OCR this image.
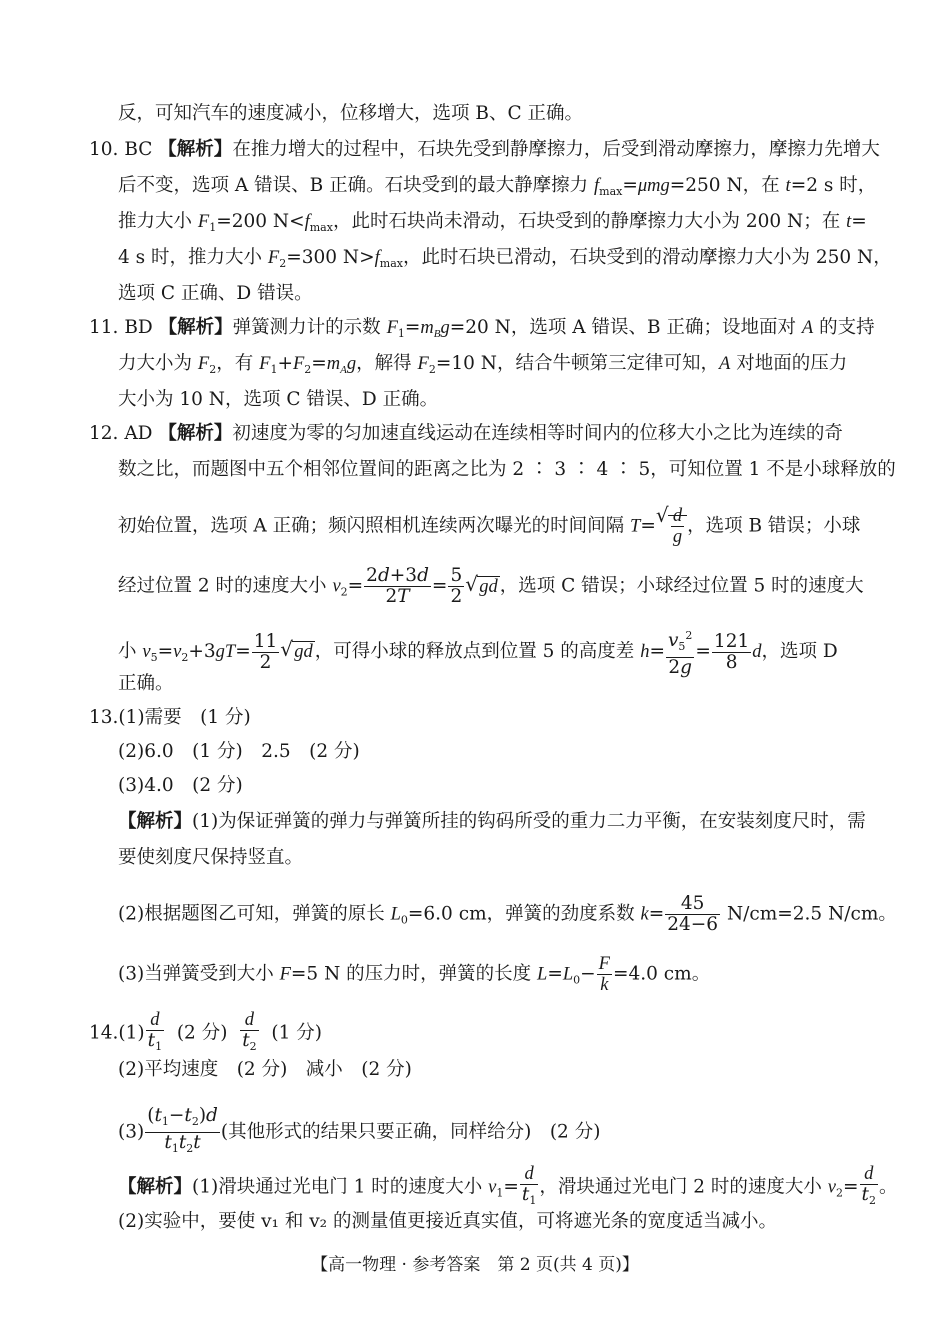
反，可知汽车的速度减小，位移增大，选项 B、C 正确。
10. BC 【解析】在推力增大的过程中，石块先受到静摩擦力，后受到滑动摩擦力，摩擦力先增大
后不变，选项 A 错误、B 正确。石块受到的最大静摩擦力 $f_{max}=\mu mg=250$ N，在 t=2 s 时，
推力大小 $F_1=200$ $N<f_{max}$，此时石块尚未滑动，石块受到的静摩擦力大小为 200 N；在 t=
4 s 时，推力大小 $F_2=300$ $N>f_{max}$，此时石块已滑动，石块受到的滑动摩擦力大小为 250 N，
选项 C 正确、D 错误。
11. BD 【解析】弹簧测力计的示数 $F_1=m_Bg=20$ N，选项 A 错误、B 正确；设地面对 A 的支持
力大小为 $F_2$，有 $F_1+F_2=m_Ag$，解得 $F_2=10$ N，结合牛顿第三定律可知，A 对地面的压力
大小为 10 N，选项 C 错误、D 正确。
12. AD 【解析】初速度为零的匀加速直线运动在连续相等时间内的位移大小之比为连续的奇
数之比，而题图中五个相邻位置间的距离之比为 2 ∶ 3 ∶ 4 ∶ 5，可知位置 1 不是小球释放的
初始位置，选项 A 正确；频闪照相机连续两次曝光的时间间隔 T= √ $\frac{d}{g}$ ，选项 B 错误；小球
经过位置 2 时的速度大小 $v_2= \frac{2d+3d}{2T} = \frac{5}{2}$ √ gd ，选项 C 错误；小球经过位置 5 时的速度大
小 $v_5=v_2+3gT= \frac{11}{2}$ √ gd ，可得小球的释放点到位置 5 的高度差 $h= \frac{v_5^2}{2g} = \frac{121}{8}$ d，选项 D
正确。
13.(1)需要　(1 分)
(2)6.0　(1 分)　2.5　(2 分)
(3)4.0　(2 分)
【解析】(1)为保证弹簧的弹力与弹簧所挂的钩码所受的重力二力平衡，在安装刻度尺时，需
要使刻度尺保持竖直。
(2)根据题图乙可知，弹簧的原长 $L_0=6.0$ cm，弹簧的劲度系数 $k= \frac{45}{24-6} N/cm=2.5$ N/cm。
(3)当弹簧受到大小 F=5 N 的压力时，弹簧的长度 $L=L_0- \frac{F}{k} =4.0$ cm。
$14.(1) \frac{d}{t_1} (2$ 分) $\frac{d}{t_2} (1$ 分)
(2)平均速度　(2 分)　减小　(2 分)
$(3) \frac{(t_1-t_2)d}{t_1t_2t}$ (其他形式的结果只要正确，同样给分)　(2 分)
【解析】(1)滑块通过光电门 1 时的速度大小 $v_1= \frac{d}{t_1}$ ，滑块通过光电门 2 时的速度大小 $v_2= \frac{d}{t_2}$ 。
(2)实验中，要使 v₁ 和 v₂ 的测量值更接近真实值，可将遮光条的宽度适当减小。
【高一物理 · 参考答案　第 2 页(共 4 页)】
